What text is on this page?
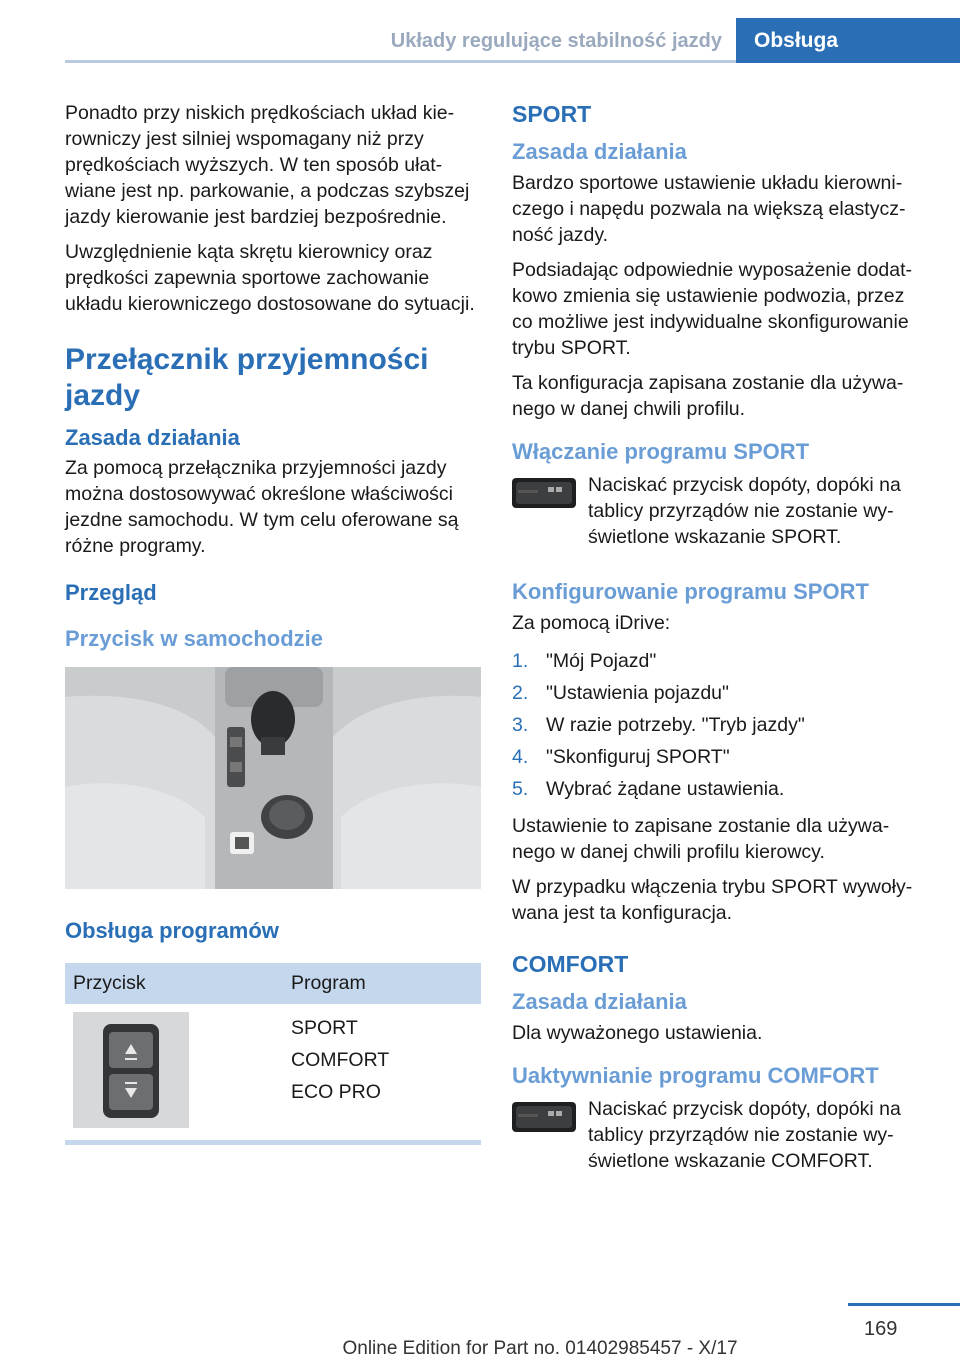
Układy regulujące stabilność jazdy	Obsługa

Ponadto przy niskich prędkościach układ kierowniczy jest silniej wspomagany niż przy prędkościach wyższych. W ten sposób ułatwiane jest np. parkowanie, a podczas szybszej jazdy kierowanie jest bardziej bezpośrednie.

Uwzględnienie kąta skrętu kierownicy oraz prędkości zapewnia sportowe zachowanie układu kierowniczego dostosowane do sytuacji.

Przełącznik przyjemności jazdy
Zasada działania

Za pomocą przełącznika przyjemności jazdy można dostosowywać określone właściwości jezdne samochodu. W tym celu oferowane są różne programy.

Przegląd
Przycisk w samochodzie
Obsługa programów
Przycisk	Program

SPORT
COMFORT
ECO PRO
SPORT
Zasada działania

Bardzo sportowe ustawienie układu kierowniczego i napędu pozwala na większą elastyczność jazdy.

Podsiadając odpowiednie wyposażenie dodatkowo zmienia się ustawienie podwozia, przez co możliwe jest indywidualne skonfigurowanie trybu SPORT.

Ta konfiguracja zapisana zostanie dla używanego w danej chwili profilu.

Włączanie programu SPORT

Naciskać przycisk dopóty, dopóki na tablicy przyrządów nie zostanie wyświetlone wskazanie SPORT.

Konfigurowanie programu SPORT

Za pomocą iDrive:

1. "Mój Pojazd"
2. "Ustawienia pojazdu"
3. W razie potrzeby. "Tryb jazdy"
4. "Skonfiguruj SPORT"
5. Wybrać żądane ustawienia.

Ustawienie to zapisane zostanie dla używanego w danej chwili profilu kierowcy.

W przypadku włączenia trybu SPORT wywoływana jest ta konfiguracja.

COMFORT
Zasada działania

Dla wyważonego ustawienia.

Uaktywnianie programu COMFORT

Naciskać przycisk dopóty, dopóki na tablicy przyrządów nie zostanie wyświetlone wskazanie COMFORT.

169
Online Edition for Part no. 01402985457 - X/17
